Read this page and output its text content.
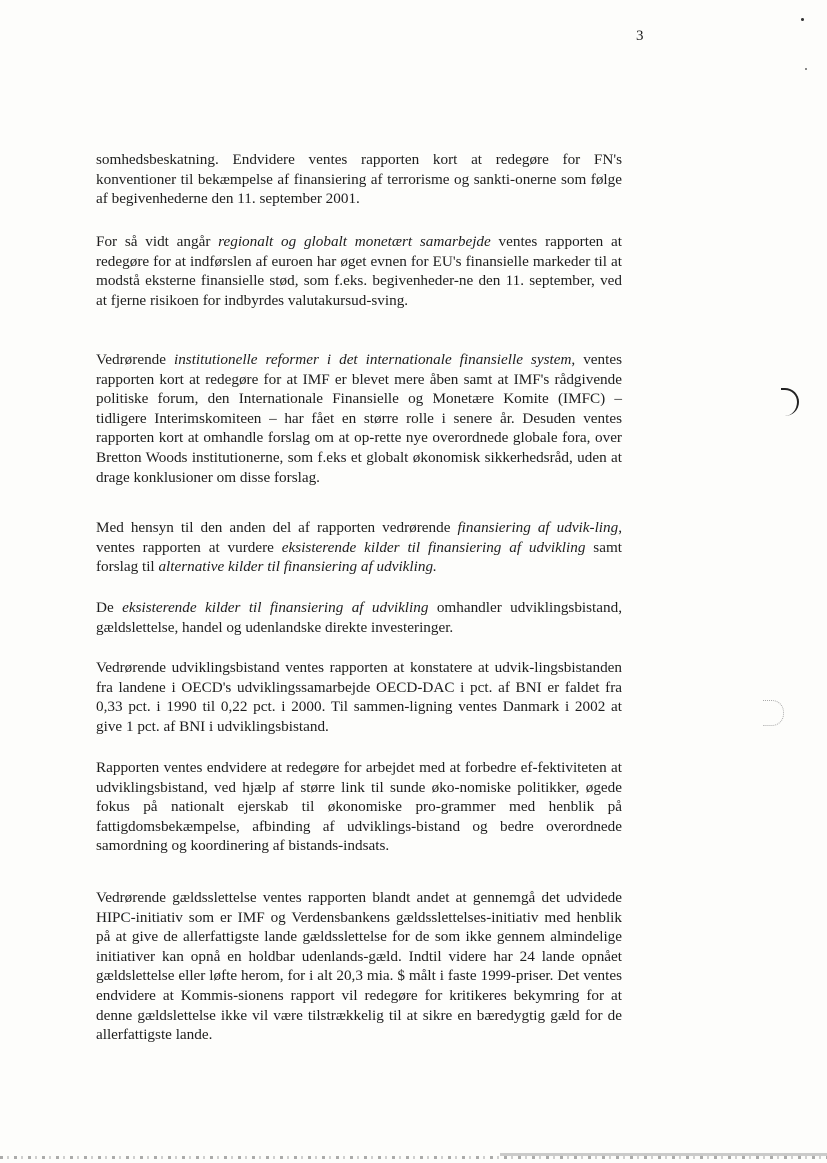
3

somhedsbeskatning. Endvidere ventes rapporten kort at redegøre for FN's konventioner til bekæmpelse af finansiering af terrorisme og sankti-onerne som følge af begivenhederne den 11. september 2001.

For så vidt angår regionalt og globalt monetært samarbejde ventes rapporten at redegøre for at indførslen af euroen har øget evnen for EU's finansielle markeder til at modstå eksterne finansielle stød, som f.eks. begivenheder-ne den 11. september, ved at fjerne risikoen for indbyrdes valutakursud-sving.

Vedrørende institutionelle reformer i det internationale finansielle system, ventes rapporten kort at redegøre for at IMF er blevet mere åben samt at IMF's rådgivende politiske forum, den Internationale Finansielle og Monetære Komite (IMFC) – tidligere Interimskomiteen – har fået en større rolle i senere år. Desuden ventes rapporten kort at omhandle forslag om at op-rette nye overordnede globale fora, over Bretton Woods institutionerne, som f.eks et globalt økonomisk sikkerhedsråd, uden at drage konklusioner om disse forslag.

Med hensyn til den anden del af rapporten vedrørende finansiering af udvik-ling, ventes rapporten at vurdere eksisterende kilder til finansiering af udvikling samt forslag til alternative kilder til finansiering af udvikling.

De eksisterende kilder til finansiering af udvikling omhandler udviklingsbistand, gældslettelse, handel og udenlandske direkte investeringer.

Vedrørende udviklingsbistand ventes rapporten at konstatere at udvik-lingsbistanden fra landene i OECD's udviklingssamarbejde OECD-DAC i pct. af BNI er faldet fra 0,33 pct. i 1990 til 0,22 pct. i 2000. Til sammen-ligning ventes Danmark i 2002 at give 1 pct. af BNI i udviklingsbistand.

Rapporten ventes endvidere at redegøre for arbejdet med at forbedre ef-fektiviteten at udviklingsbistand, ved hjælp af større link til sunde øko-nomiske politikker, øgede fokus på nationalt ejerskab til økonomiske pro-grammer med henblik på fattigdomsbekæmpelse, afbinding af udviklings-bistand og bedre overordnede samordning og koordinering af bistands-indsats.

Vedrørende gældsslettelse ventes rapporten blandt andet at gennemgå det udvidede HIPC-initiativ som er IMF og Verdensbankens gældsslettelses-initiativ med henblik på at give de allerfattigste lande gældsslettelse for de som ikke gennem almindelige initiativer kan opnå en holdbar udenlands-gæld. Indtil videre har 24 lande opnået gældslettelse eller løfte herom, for i alt 20,3 mia. $ målt i faste 1999-priser. Det ventes endvidere at Kommis-sionens rapport vil redegøre for kritikeres bekymring for at denne gældslettelse ikke vil være tilstrækkelig til at sikre en bæredygtig gæld for de allerfattigste lande.
